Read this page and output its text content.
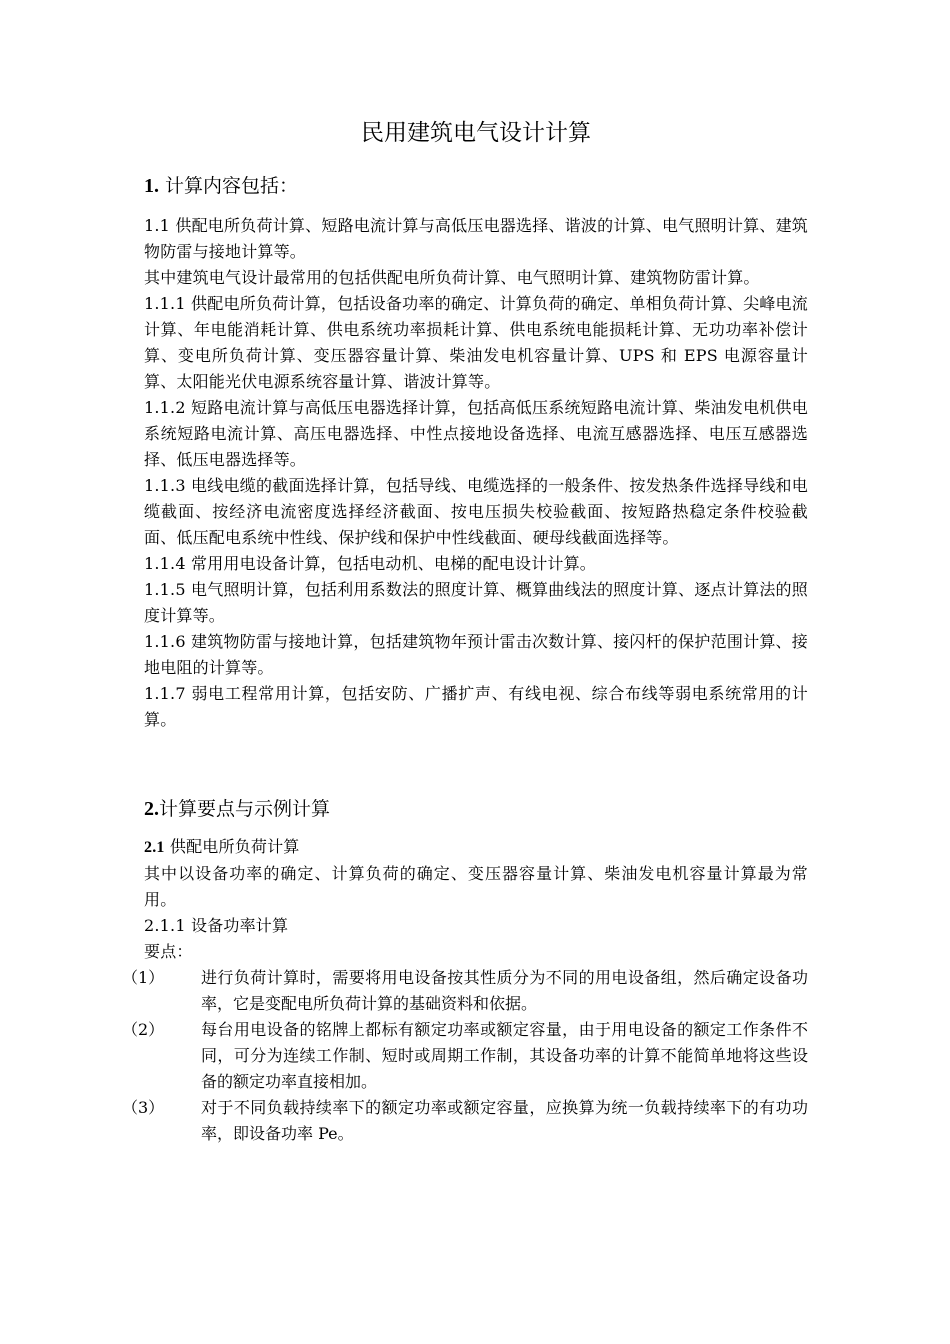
民用建筑电气设计计算
1. 计算内容包括：

1.1 供配电所负荷计算、短路电流计算与高低压电器选择、谐波的计算、电气照明计算、建筑物防雷与接地计算等。

其中建筑电气设计最常用的包括供配电所负荷计算、电气照明计算、建筑物防雷计算。

1.1.1 供配电所负荷计算，包括设备功率的确定、计算负荷的确定、单相负荷计算、尖峰电流计算、年电能消耗计算、供电系统功率损耗计算、供电系统电能损耗计算、无功功率补偿计算、变电所负荷计算、变压器容量计算、柴油发电机容量计算、UPS 和 EPS 电源容量计算、太阳能光伏电源系统容量计算、谐波计算等。

1.1.2 短路电流计算与高低压电器选择计算，包括高低压系统短路电流计算、柴油发电机供电系统短路电流计算、高压电器选择、中性点接地设备选择、电流互感器选择、电压互感器选择、低压电器选择等。

1.1.3 电线电缆的截面选择计算，包括导线、电缆选择的一般条件、按发热条件选择导线和电缆截面、按经济电流密度选择经济截面、按电压损失校验截面、按短路热稳定条件校验截面、低压配电系统中性线、保护线和保护中性线截面、硬母线截面选择等。

1.1.4 常用用电设备计算，包括电动机、电梯的配电设计计算。

1.1.5 电气照明计算，包括利用系数法的照度计算、概算曲线法的照度计算、逐点计算法的照度计算等。

1.1.6 建筑物防雷与接地计算，包括建筑物年预计雷击次数计算、接闪杆的保护范围计算、接地电阻的计算等。

1.1.7 弱电工程常用计算，包括安防、广播扩声、有线电视、综合布线等弱电系统常用的计算。

2.计算要点与示例计算

2.1 供配电所负荷计算

其中以设备功率的确定、计算负荷的确定、变压器容量计算、柴油发电机容量计算最为常用。

2.1.1 设备功率计算

要点：

（1）	进行负荷计算时，需要将用电设备按其性质分为不同的用电设备组，然后确定设备功率，它是变配电所负荷计算的基础资料和依据。
（2）	每台用电设备的铭牌上都标有额定功率或额定容量，由于用电设备的额定工作条件不同，可分为连续工作制、短时或周期工作制，其设备功率的计算不能简单地将这些设备的额定功率直接相加。
（3）	对于不同负载持续率下的额定功率或额定容量，应换算为统一负载持续率下的有功功率，即设备功率 Pe。
